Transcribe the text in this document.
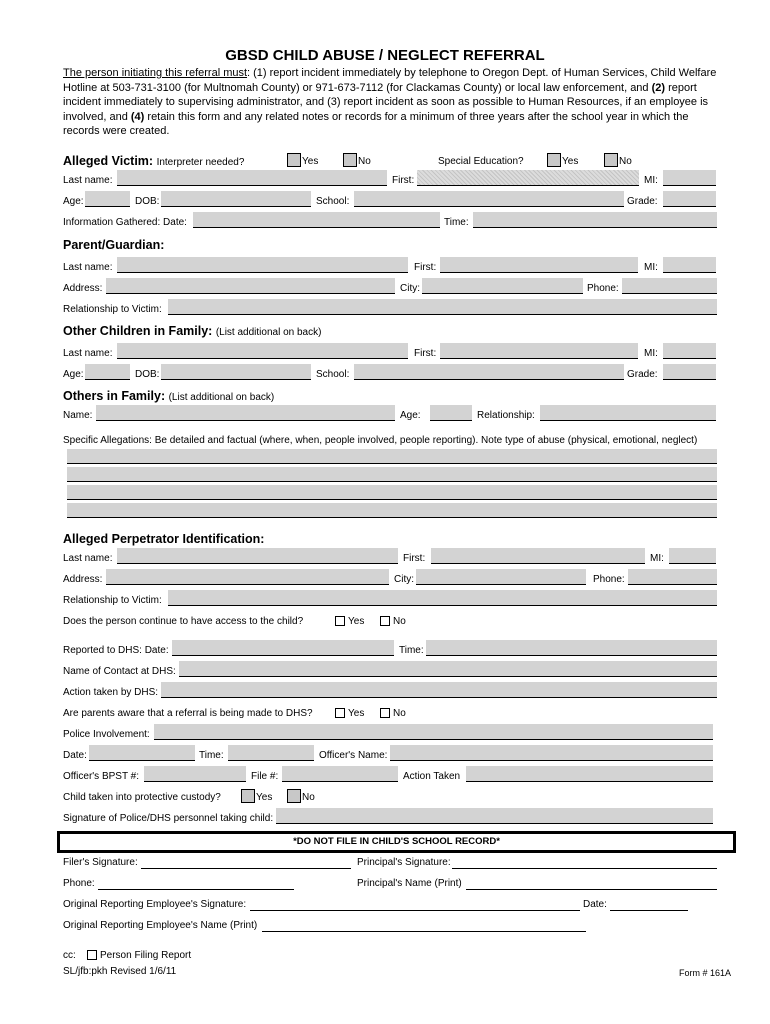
GBSD CHILD ABUSE / NEGLECT REFERRAL
The person initiating this referral must: (1) report incident immediately by telephone to Oregon Dept. of Human Services, Child Welfare Hotline at 503-731-3100 (for Multnomah County) or 971-673-7112 (for Clackamas County) or local law enforcement, and (2) report incident immediately to supervising administrator, and (3) report incident as soon as possible to Human Resources, if an employee is involved, and (4) retain this form and any related notes or records for a minimum of three years after the school year in which the records were created.
Alleged Victim: Interpreter needed?	Yes	No	Special Education?	Yes	No
Last name:	First:	MI:
Age:	DOB:	School:	Grade:
Information Gathered: Date:	Time:
Parent/Guardian:
Last name:	First:	MI:
Address:	City:	Phone:
Relationship to Victim:
Other Children in Family: (List additional on back)
Last name:	First:	MI:
Age:	DOB:	School:	Grade:
Others in Family: (List additional on back)
Name:	Age:	Relationship:
Specific Allegations: Be detailed and factual (where, when, people involved, people reporting). Note type of abuse (physical, emotional, neglect)
Alleged Perpetrator Identification:
Last name:	First:	MI:
Address:	City:	Phone:
Relationship to Victim:
Does the person continue to have access to the child?	Yes	No
Reported to DHS: Date:	Time:
Name of Contact at DHS:
Action taken by DHS:
Are parents aware that a referral is being made to DHS?	Yes	No
Police Involvement:
Date:	Time:	Officer's Name:
Officer's BPST #:	File #:	Action Taken
Child taken into protective custody?	Yes	No
Signature of Police/DHS personnel taking child:
*DO NOT FILE IN CHILD'S SCHOOL RECORD*
Filer's Signature:	Principal's Signature:
Phone:	Principal's Name (Print)
Original Reporting Employee's Signature:	Date:
Original Reporting Employee's Name (Print)
cc: Person Filing Report
SL/jfb:pkh Revised 1/6/11	Form # 161A
